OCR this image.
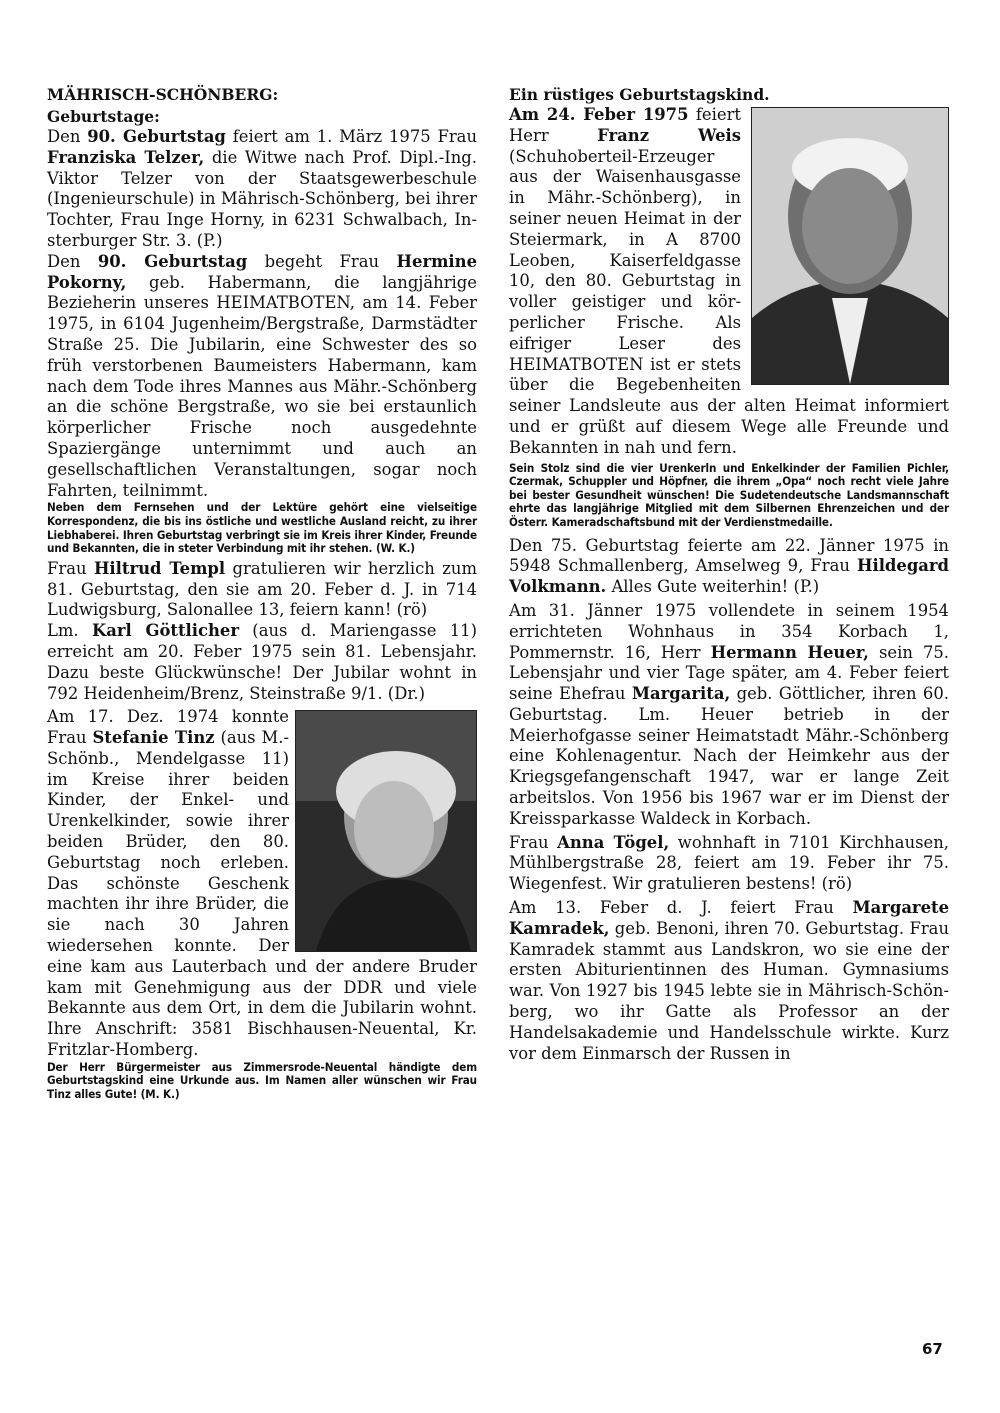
MÄHRISCH-SCHÖNBERG:
Geburtstage:

Den 90. Geburtstag feiert am 1. März 1975 Frau Franziska Telzer, die Witwe nach Prof. Dipl.-Ing. Viktor Telzer von der Staatsgewerbeschule (Ingenieurschule) in Mährisch-Schönberg, bei ihrer Tochter, Frau Inge Horny, in 6231 Schwalbach, Insterburger Str. 3. (P.)

Den 90. Geburtstag begeht Frau Hermine Pokorny, geb. Habermann, die langjährige Bezieherin unseres HEIMATBOTEN, am 14. Feber 1975, in 6104 Jugenheim/Bergstraße, Darmstädter Straße 25. Die Jubilarin, eine Schwester des so früh verstorbenen Baumeisters Habermann, kam nach dem Tode ihres Mannes aus Mähr.-Schönberg an die schöne Bergstraße, wo sie bei erstaunlich körperlicher Frische noch ausgedehnte Spaziergänge unternimmt und auch an gesellschaftlichen Veranstaltungen, sogar noch Fahrten, teilnimmt.

Neben dem Fernsehen und der Lektüre gehört eine vielseitige Korrespondenz, die bis ins östliche und westliche Ausland reicht, zu ihrer Liebhaberei. Ihren Geburtstag verbringt sie im Kreis ihrer Kinder, Freunde und Bekannten, die in steter Verbindung mit ihr stehen. (W. K.)

Frau Hiltrud Templ gratulieren wir herzlich zum 81. Geburtstag, den sie am 20. Feber d. J. in 714 Ludwigsburg, Salonallee 13, feiern kann! (rö)

Lm. Karl Göttlicher (aus d. Mariengasse 11) erreicht am 20. Feber 1975 sein 81. Lebensjahr. Dazu beste Glückwünsche! Der Jubilar wohnt in 792 Heidenheim/Brenz, Steinstraße 9/1. (Dr.)

Am 17. Dez. 1974 konnte Frau Stefanie Tinz (aus M.-Schönb., Mendelgasse 11) im Kreise ihrer beiden Kinder, der Enkel- und Urenkelkinder, sowie ihrer beiden Brüder, den 80. Geburtstag noch erleben. Das schönste Geschenk machten ihr ihre Brüder, die sie nach 30 Jahren wiedersehen konnte. Der eine kam aus Lauterbach und der andere Bruder kam mit Genehmigung aus der DDR und viele Bekannte aus dem Ort, in dem die Jubilarin wohnt. Ihre Anschrift: 3581 Bischhausen-Neuental, Kr. Fritzlar-Homberg.

Der Herr Bürgermeister aus Zimmersrode-Neuental händigte dem Geburtstagskind eine Urkunde aus. Im Namen aller wünschen wir Frau Tinz alles Gute! (M. K.)

Ein rüstiges Geburtstagskind.

Am 24. Feber 1975 feiert Herr Franz Weis (Schuhoberteil-Erzeuger aus der Waisenhausgasse in Mähr.-Schönberg), in seiner neuen Heimat in der Steiermark, in A 8700 Leoben, Kaiserfeldgasse 10, den 80. Geburtstag in voller geistiger und körperlicher Frische. Als eifriger Leser des HEIMATBOTEN ist er stets über die Begebenheiten seiner Landsleute aus der alten Heimat informiert und er grüßt auf diesem Wege alle Freunde und Bekannten in nah und fern.

Sein Stolz sind die vier Urenkerln und Enkelkinder der Familien Pichler, Czermak, Schuppler und Höpfner, die ihrem „Opa“ noch recht viele Jahre bei bester Gesundheit wünschen! Die Sudetendeutsche Landsmannschaft ehrte das langjährige Mitglied mit dem Silbernen Ehrenzeichen und der Österr. Kameradschaftsbund mit der Verdienstmedaille.

Den 75. Geburtstag feierte am 22. Jänner 1975 in 5948 Schmallenberg, Amselweg 9, Frau Hildegard Volkmann. Alles Gute weiterhin! (P.)

Am 31. Jänner 1975 vollendete in seinem 1954 errichteten Wohnhaus in 354 Korbach 1, Pommernstr. 16, Herr Hermann Heuer, sein 75. Lebensjahr und vier Tage später, am 4. Feber feiert seine Ehefrau Margarita, geb. Göttlicher, ihren 60. Geburtstag. Lm. Heuer betrieb in der Meierhofgasse seiner Heimatstadt Mähr.-Schönberg eine Kohlenagentur. Nach der Heimkehr aus der Kriegsgefangenschaft 1947, war er lange Zeit arbeitslos. Von 1956 bis 1967 war er im Dienst der Kreissparkasse Waldeck in Korbach.

Frau Anna Tögel, wohnhaft in 7101 Kirchhausen, Mühlbergstraße 28, feiert am 19. Feber ihr 75. Wiegenfest. Wir gratulieren bestens! (rö)

Am 13. Feber d. J. feiert Frau Margarete Kamradek, geb. Benoni, ihren 70. Geburtstag. Frau Kamradek stammt aus Landskron, wo sie eine der ersten Abiturientinnen des Human. Gymnasiums war. Von 1927 bis 1945 lebte sie in Mährisch-Schönberg, wo ihr Gatte als Professor an der Handelsakademie und Handelsschule wirkte. Kurz vor dem Einmarsch der Russen in

67
